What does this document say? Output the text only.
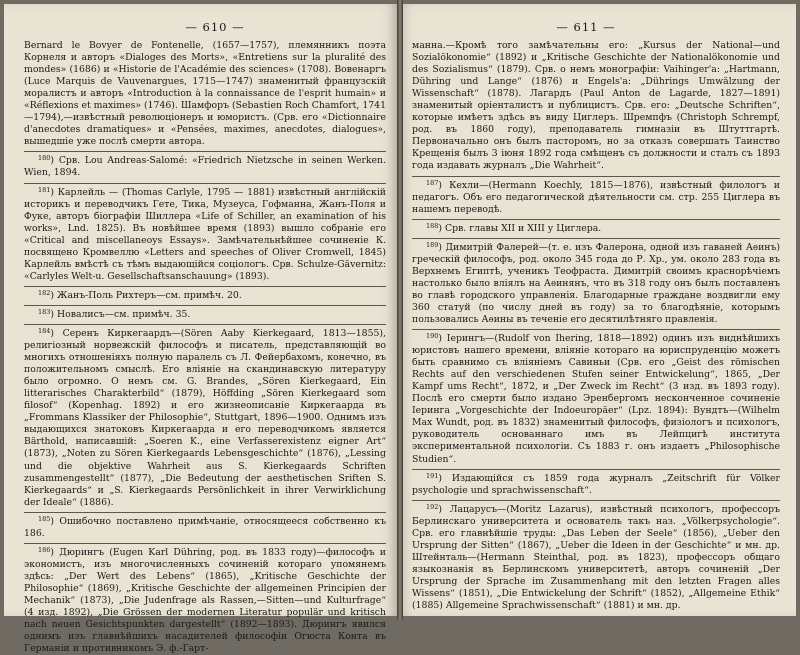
— 610 —

Bernard le Bovyer de Fontenelle, (1657—1757), племянникъ поэта Корнеля и авторъ «Dialoges des Morts», «Entretiens sur la pluralité des mondes» (1686) и «Historie de l'Académie des sciences» (1708). Вовенаргъ (Luce Marquis de Vauvenargues, 1715—1747) знаменитый французскій моралистъ и авторъ «Introduction à la connaissance de l'esprit humain» и «Réflexions et maximes» (1746). Шамфоръ (Sebastien Roch Chamfort, 1741—1794),—извѣстный революціонеръ и юмористъ. (Срв. его «Dictionnaire d'anecdotes dramatiques» и «Pensées, maximes, anecdotes, dialogues», вышедшіе уже послѣ смерти автора.

$^{180}$) Срв. Lou Andreas-Salomé: «Friedrich Nietzsche in seinen Werken. Wien, 1894.

$^{181}$) Карлейль — (Thomas Carlyle, 1795 — 1881) извѣстный англійскій историкъ и переводчикъ Гете, Тика, Музеуса, Гофманна, Жанъ-Поля и Фуке, авторъ біографіи Шиллера «Life of Schiller, an examination of his works», Lnd. 1825). Въ новѣйшее время (1893) вышло собраніе его «Critical and miscellaneoys Essays». Замѣчательнѣйшее сочиненіе К. посвящено Кромвеллю «Letters and speeches of Oliver Cromwell, 1845) Карлейль вмѣстѣ съ тѣмъ выдающійся соціологъ. Срв. Schulze-Gävernitz: «Carlyles Welt-u. Gesellschaftsanschauung» (1893).

$^{182}$) Жанъ-Поль Рихтеръ—см. примѣч. 20.

$^{183}$) Новалисъ—см. примѣч. 35.

$^{184}$) Серенъ Киркегаардъ—(Sören Aaby Kierkegaard, 1813—1855), религіозный норвежскій философъ и писатель, представляющій во многихъ отношеніяхъ полную паралель съ Л. Фейербахомъ, конечно, въ положительномъ смыслѣ. Его вліяніе на скандинавскую литературу было огромно. О немъ см. G. Brandes, „Sören Kierkegaard, Ein litterarisches Charakterbild“ (1879), Höffding „Sören Kierkegaard som filosof“ (Kopenhag. 1892) и его жизнеописаніе Киркегаарда въ „Frommans Klassiker der Philosophie“, Stuttgart, 1896—1900. Однимъ изъ выдающихся знатоковъ Киркегаарда и его переводчикомъ является Bärthold, написавшій: „Soeren K., eine Verfasserexistenz eigner Art“ (1873), „Noten zu Sören Kierkegaards Lebensgeschichte“ (1876), „Lessing und die objektive Wahrheit aus S. Kierkegaards Schriften zusammengestellt“ (1877), „Die Bedeutung der aesthetischen Sriften S. Kierkegaards“ и „S. Kierkegaards Persönlichkeit in ihrer Verwirklichung der Ideale“ (1886).

$^{185}$) Ошибочно поставлено примѣчаніе, относящееся собственно къ 186.

$^{186}$) Дюрингъ (Eugen Karl Dühring, род. въ 1833 году)—философъ и экономистъ, изъ многочисленныхъ сочиненій котораго упомянемъ здѣсь: „Der Wert des Lebens“ (1865), „Kritische Geschichte der Philosophie“ (1869), „Kritische Geschichte der allgemeinen Principien der Mechanik“ (1873), „Die Judenfrage als Rassen,—Sitten—und Kulturfrage“ (4 изд. 1892), „Die Grössen der modernen Literatur populär und kritisch nach neuen Gesichtspunkten dargestellt“ (1892—1893). Дюрингъ явился однимъ изъ главнѣйшихъ насадителей философіи Огюста Конта въ Германіи и противникомъ Э. ф.-Гарт-

— 611 —

манна.—Кромѣ того замѣчательны его: „Kursus der National—und Sozialökonomie“ (1892) и „Kritische Geschichte der Nationalökonomie und des Sozialismus“ (1879). Срв. о немъ монографіи: Vaihinger'a: „Hartmann, Dühring und Lange“ (1876) и Engels'a: „Dührings Umwälzung der Wissenschaft“ (1878). Лагардъ (Paul Anton de Lagarde, 1827—1891) знаменитый оріенталистъ и публицистъ. Срв. его: „Deutsche Schriften“, которые имѣетъ здѣсь въ виду Циглеръ. Шремпфъ (Christoph Schrempf, род. въ 1860 году), преподаватель гимназіи въ Штуттгартѣ. Первоначально онъ былъ пасторомъ, но за отказъ совершать Таинство Крещенія былъ 3 іюня 1892 года смѣщенъ съ должности и сталъ съ 1893 года издавать журналъ „Die Wahrheit“.

$^{187}$) Кехли—(Hermann Koechly, 1815—1876), извѣстный филологъ и педагогъ. Объ его педагогической дѣятельности см. стр. 255 Циглера въ нашемъ переводѣ.

$^{188}$) Срв. главы XII и XIII у Циглера.

$^{189}$) Димитрій Фалерей—(т. е. изъ Фалерона, одной изъ гаваней Аѳинъ) греческій философъ, род. около 345 года до Р. Хр., ум. около 283 года въ Верхнемъ Египтѣ, ученикъ Теофраста. Димитрій своимъ краснорѣчіемъ настолько было вліялъ на Аѳинянъ, что въ 318 году онъ былъ поставленъ во главѣ городского управленія. Благодарные граждане воздвигли ему 360 статуй (по числу дней въ году) за то благодѣяніе, которымъ пользовались Аѳины въ теченіе его десятилѣтняго правленія.

$^{190}$) Іерингъ—(Rudolf von Ihering, 1818—1892) одинъ изъ виднѣйшихъ юристовъ нашего времени, вліяніе котораго на юриспруденцію можетъ быть сравнимо съ вліяніемъ Савиньи (Срв. его „Geist des römischen Rechts auf den verschiedenen Stufen seiner Entwickelung“, 1865, „Der Kampf ums Recht“, 1872, и „Der Zweck im Recht“ (3 изд. въ 1893 году). Послѣ его смерти было издано Эренбергомъ несконченное сочиненіе Іеринга „Vorgeschichte der Indoeuropäer“ (Lpz. 1894): Вундтъ—(Wilhelm Max Wundt, род. въ 1832) знаменитый философъ, физіологъ и психологъ, руководитель основаннаго имъ въ Лейпцигѣ института экспериментальной психологіи. Съ 1883 г. онъ издаетъ „Philosophische Studien“.

$^{191}$) Издающійся съ 1859 года журналъ „Zeitschrift für Völker psychologie und sprachwissenschaft“.

$^{192}$) Лацарусъ—(Moritz Lazarus), извѣстный психологъ, профессоръ Берлинскаго университета и основатель такъ наз. „Völkerpsychologie“. Срв. его главнѣйшіе труды: „Das Leben der Seele“ (1856), „Ueber den Ursprung der Sitten“ (1867), „Ueber die Ideen in der Geschichte“ и мн. др. Штейнталь—(Hermann Steinthal, род. въ 1823), профессоръ общаго языкознанія въ Берлинскомъ университетѣ, авторъ сочиненій „Der Ursprung der Sprache im Zusammenhang mit den letzten Fragen alles Wissens“ (1851), „Die Entwickelung der Schrift“ (1852), „Allgemeine Ethik“ (1885) Allgemeine Sprachwissenschaft“ (1881) и мн. др.
